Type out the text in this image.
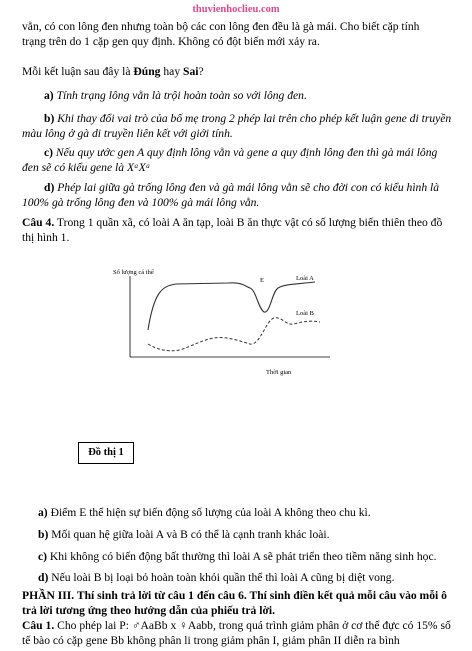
thuvienhoclieu.com

vằn, có con lông đen nhưng toàn bộ các con lông đen đều là gà mái. Cho biết cặp tính

trạng trên do 1 cặp gen quy định. Không có đột biến mới xảy ra.

Mỗi kết luận sau đây là Đúng hay Sai?

a) Tính trạng lông vằn là trội hoàn toàn so với lông đen.

b) Khi thay đổi vai trò của bố mẹ trong 2 phép lai trên cho phép kết luận gene di truyền màu lông ở gà di truyền liên kết với giới tính.

c) Nếu quy ước gen A quy định lông vằn và gene a quy định lông đen thì gà mái lông đen sẽ có kiểu gene là XᵃXᵃ

d) Phép lai giữa gà trống lông đen và gà mái lông vằn sẽ cho đời con có kiểu hình là 100% gà trống lông đen và 100% gà mái lông vằn.

Câu 4. Trong 1 quần xã, có loài A ăn tạp, loài B ăn thực vật có số lượng biến thiên theo đồ thị hình 1.

Số lượng cá thể
E	Loài A
Loài B
Thời gian
Đồ thị 1

a) Điểm E thể hiện sự biến động số lượng của loài A không theo chu kì.

b) Mối quan hệ giữa loài A và B có thể là cạnh tranh khác loài.

c) Khi không có biến động bất thường thì loài A sẽ phát triển theo tiềm năng sinh học.

d) Nếu loài B bị loại bỏ hoàn toàn khỏi quần thể thì loài A cũng bị diệt vong.

PHẦN III. Thí sinh trả lời từ câu 1 đến câu 6. Thí sinh điền kết quả mỗi câu vào mỗi ô trả lời tương ứng theo hướng dẫn của phiếu trả lời.

Câu 1. Cho phép lai P: ♂AaBb x ♀Aabb, trong quá trình giảm phân ở cơ thể đực có 15% số tế bào có cặp gene Bb không phân li trong giảm phân I, giảm phân II diễn ra bình
